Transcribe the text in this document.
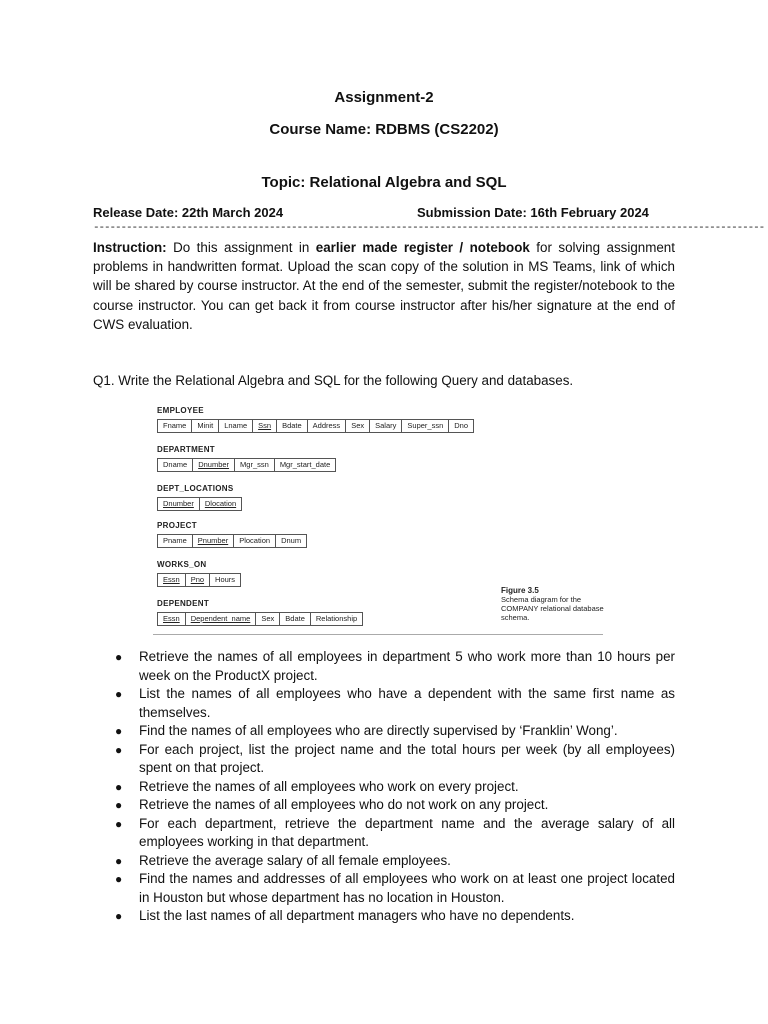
Assignment-2
Course Name: RDBMS (CS2202)
Topic: Relational Algebra and SQL
Release Date: 22th March 2024	Submission Date: 16th February 2024
--------------------------------------------------------------------------------------------------------------------------
Instruction: Do this assignment in earlier made register / notebook for solving assignment problems in handwritten format. Upload the scan copy of the solution in MS Teams, link of which will be shared by course instructor. At the end of the semester, submit the register/notebook to the course instructor. You can get back it from course instructor after his/her signature at the end of CWS evaluation.
Q1. Write the Relational Algebra and SQL for the following Query and databases.
Figure 3.5
Schema diagram for the COMPANY relational database schema.
EMPLOYEE
Fname	Minit	Lname	Ssn	Bdate	Address	Sex	Salary	Super_ssn	Dno
DEPARTMENT
Dname	Dnumber	Mgr_ssn	Mgr_start_date
DEPT_LOCATIONS
Dnumber	Dlocation
PROJECT
Pname	Pnumber	Plocation	Dnum
WORKS_ON
Essn	Pno	Hours
DEPENDENT
Essn	Dependent_name	Sex	Bdate	Relationship
● Retrieve the names of all employees in department 5 who work more than 10 hours per week on the ProductX project.
● List the names of all employees who have a dependent with the same first name as themselves.
● Find the names of all employees who are directly supervised by ‘Franklin’ Wong’.
● For each project, list the project name and the total hours per week (by all employees) spent on that project.
● Retrieve the names of all employees who work on every project.
● Retrieve the names of all employees who do not work on any project.
● For each department, retrieve the department name and the average salary of all employees working in that department.
● Retrieve the average salary of all female employees.
● Find the names and addresses of all employees who work on at least one project located in Houston but whose department has no location in Houston.
● List the last names of all department managers who have no dependents.
